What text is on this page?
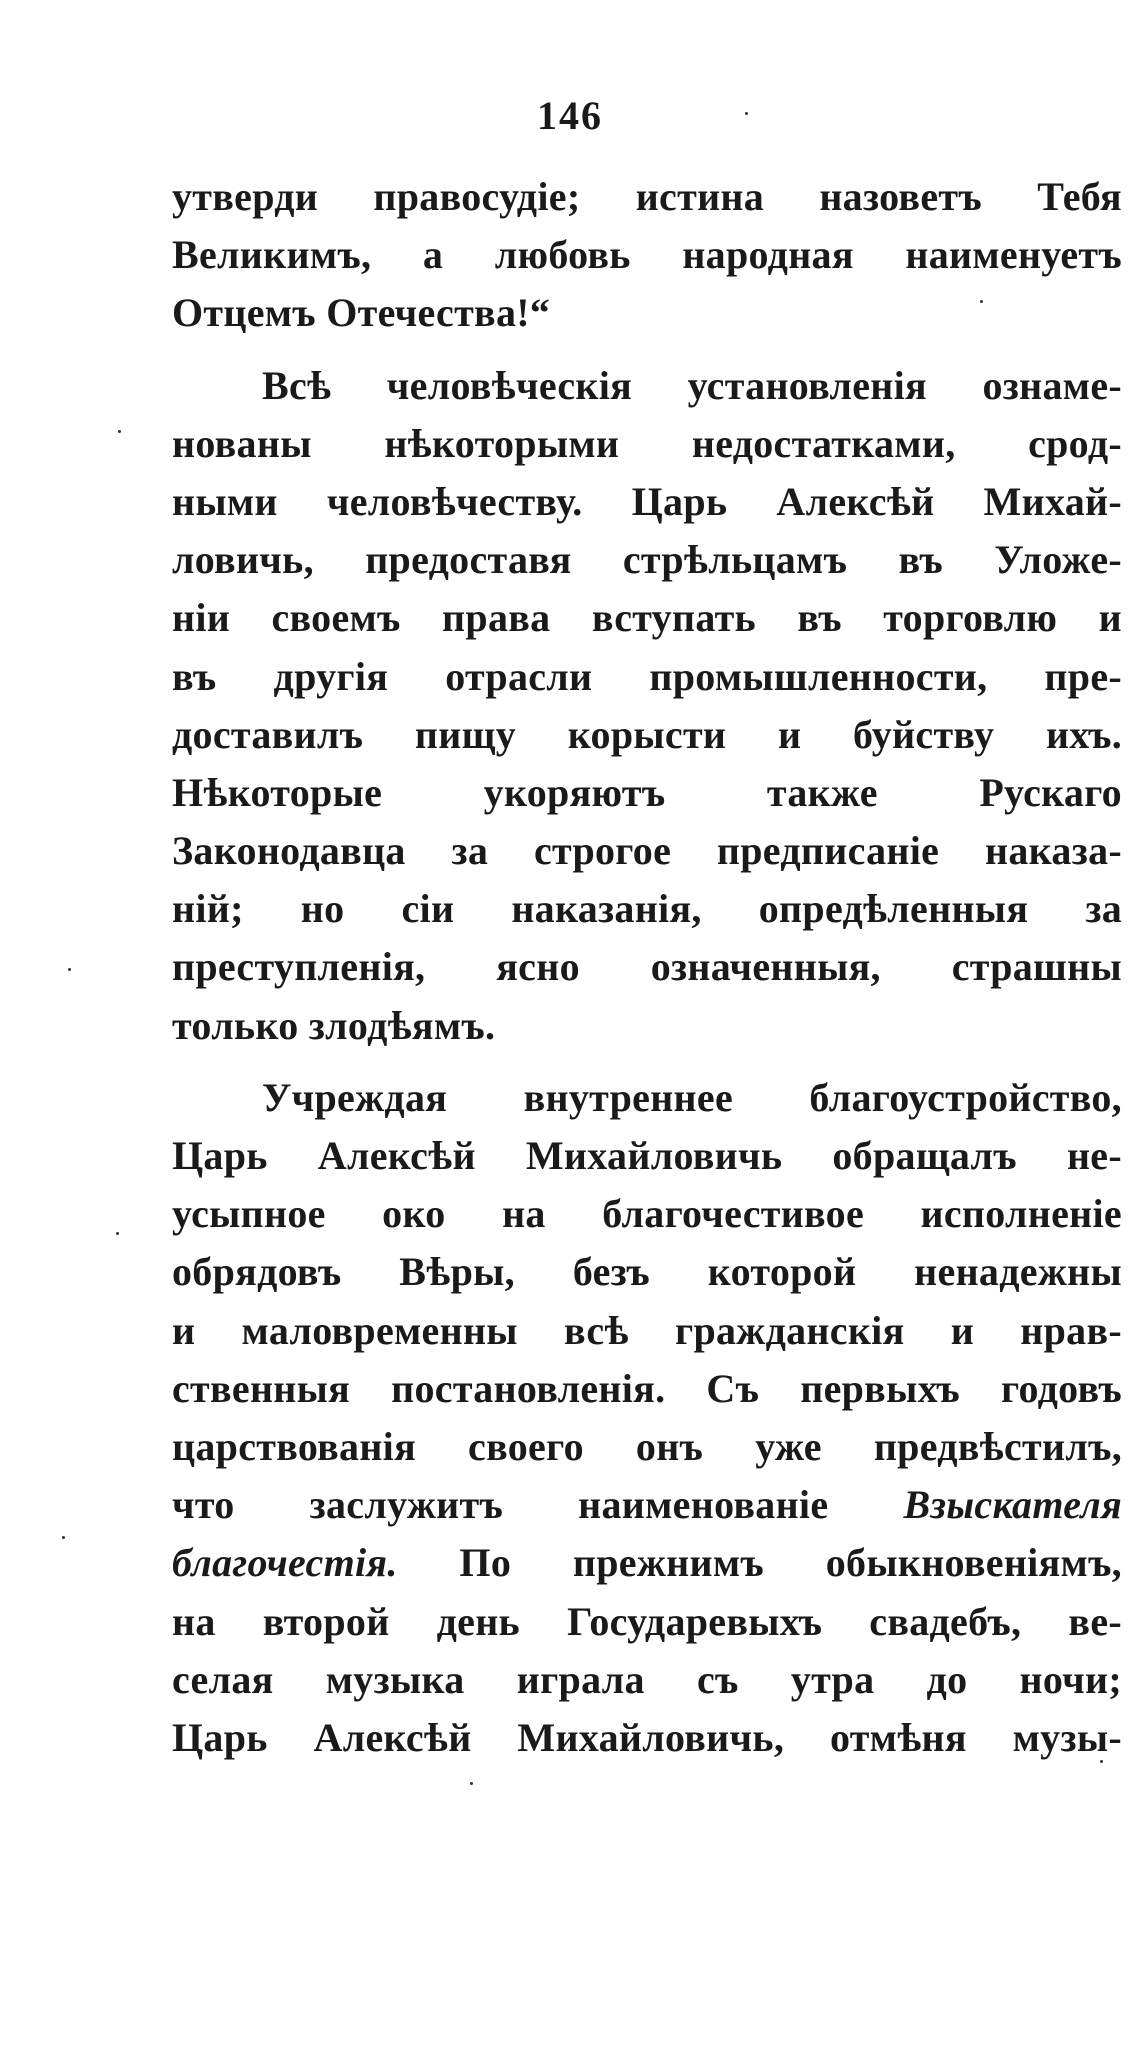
146
утверди правосудіе; истина назоветъ Тебя
Великимъ, а любовь народная наименуетъ
Отцемъ Отечества!“
Всѣ человѣческія установленія ознаме-
нованы нѣкоторыми недостатками, срод-
ными человѣчеству. Царь Алексѣй Михай-
ловичь, предоставя стрѣльцамъ въ Уложе-
ніи своемъ права вступать въ торговлю и
въ другія отрасли промышленности, пре-
доставилъ пищу корысти и буйству ихъ.
Нѣкоторые укоряютъ также Рускаго
Законодавца за строгое предписаніе наказа-
ній; но сіи наказанія, опредѣленныя за
преступленія, ясно означенныя, страшны
только злодѣямъ.
Учреждая внутреннее благоустройство,
Царь Алексѣй Михайловичь обращалъ не-
усыпное око на благочестивое исполненіе
обрядовъ Вѣры, безъ которой ненадежны
и маловременны всѣ гражданскія и нрав-
ственныя постановленія. Съ первыхъ годовъ
царствованія своего онъ уже предвѣстилъ,
что заслужитъ наименованіе Взыскателя
благочестія. По прежнимъ обыкновеніямъ,
на второй день Государевыхъ свадебъ, ве-
селая музыка играла съ утра до ночи;
Царь Алексѣй Михайловичь, отмѣня музы-
